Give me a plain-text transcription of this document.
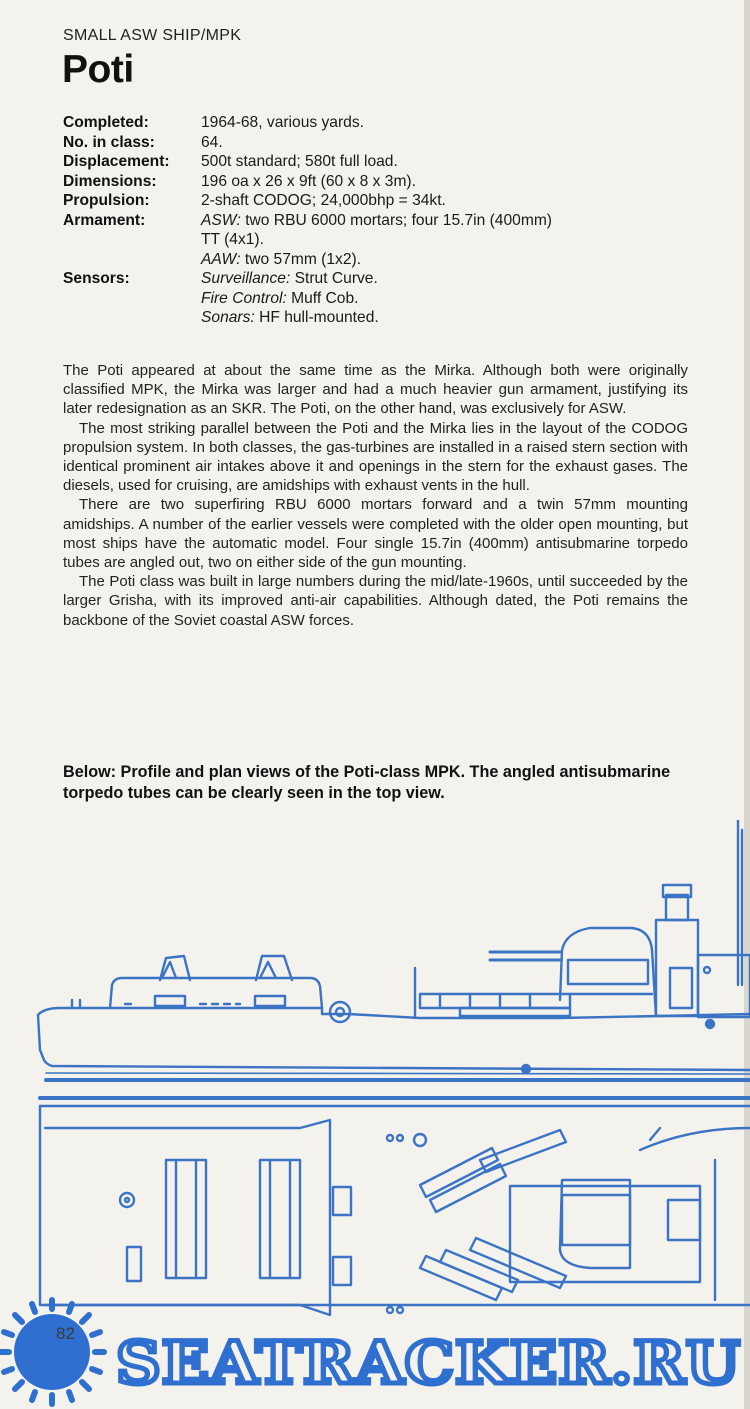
SMALL ASW SHIP/MPK
Poti
Completed:	1964-68, various yards.
No. in class:	64.
Displacement:	500t standard; 580t full load.
Dimensions:	196 oa x 26 x 9ft (60 x 8 x 3m).
Propulsion:	2-shaft CODOG; 24,000bhp = 34kt.
Armament:	ASW: two RBU 6000 mortars; four 15.7in (400mm)
TT (4x1).
AAW: two 57mm (1x2).
Sensors:	Surveillance: Strut Curve.
Fire Control: Muff Cob.
Sonars: HF hull-mounted.

The Poti appeared at about the same time as the Mirka. Although both were originally classified MPK, the Mirka was larger and had a much heavier gun armament, justifying its later redesignation as an SKR. The Poti, on the other hand, was exclusively for ASW.

The most striking parallel between the Poti and the Mirka lies in the layout of the CODOG propulsion system. In both classes, the gas-turbines are installed in a raised stern section with identical prominent air intakes above it and openings in the stern for the exhaust gases. The diesels, used for cruising, are amidships with exhaust vents in the hull.

There are two superfiring RBU 6000 mortars forward and a twin 57mm mounting amidships. A number of the earlier vessels were completed with the older open mounting, but most ships have the automatic model. Four single 15.7in (400mm) antisubmarine torpedo tubes are angled out, two on either side of the gun mounting.

The Poti class was built in large numbers during the mid/late-1960s, until succeeded by the larger Grisha, with its improved anti-air capabilities. Although dated, the Poti remains the backbone of the Soviet coastal ASW forces.

Below: Profile and plan views of the Poti-class MPK. The angled antisubmarine torpedo tubes can be clearly seen in the top view.
SEATRACKER.RU
82
